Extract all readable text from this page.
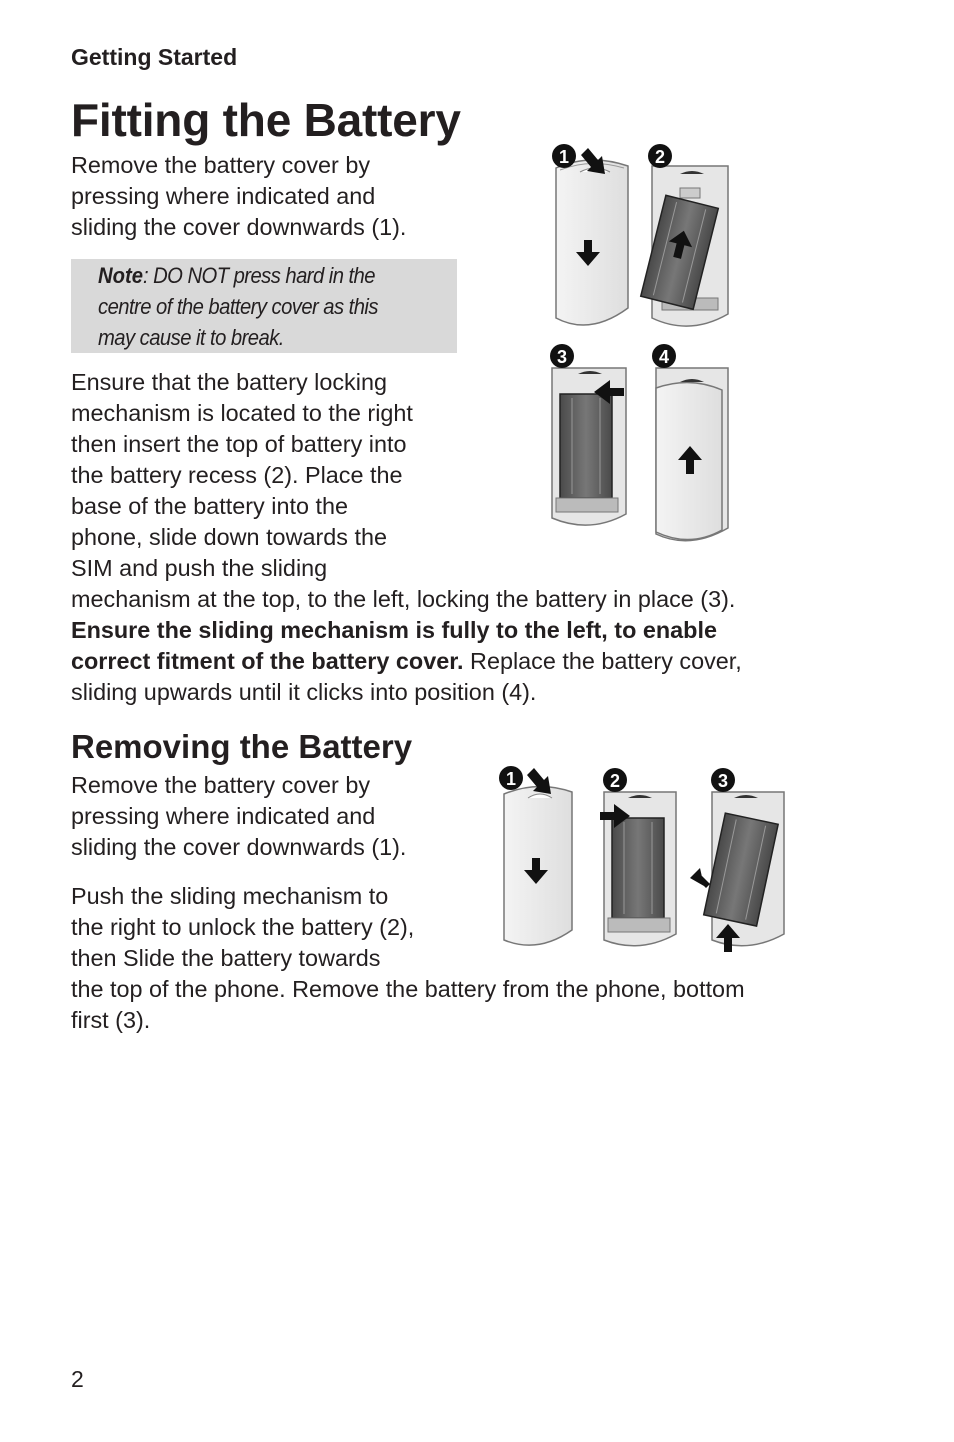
Getting Started
Fitting the Battery

Remove the battery cover by

pressing where indicated and

sliding the cover downwards (1).

Note: DO NOT press hard in the
centre of the battery cover as this
may cause it to break.

Ensure that the battery locking

mechanism is located to the right

then insert the top of battery into

the battery recess (2). Place the

base of the battery into the

phone, slide down towards the

SIM and push the sliding

mechanism at the top, to the left, locking the battery in place (3).

Ensure the sliding mechanism is fully to the left, to enable

correct fitment of the battery cover. Replace the battery cover,

sliding upwards until it clicks into position (4).

1	2
3	4
Removing the Battery

Remove the battery cover by

pressing where indicated and

sliding the cover downwards (1).

Push the sliding mechanism to

the right to unlock the battery (2),

then Slide the battery towards

the top of the phone. Remove the battery from the phone, bottom

first (3).

1	2	3
2
